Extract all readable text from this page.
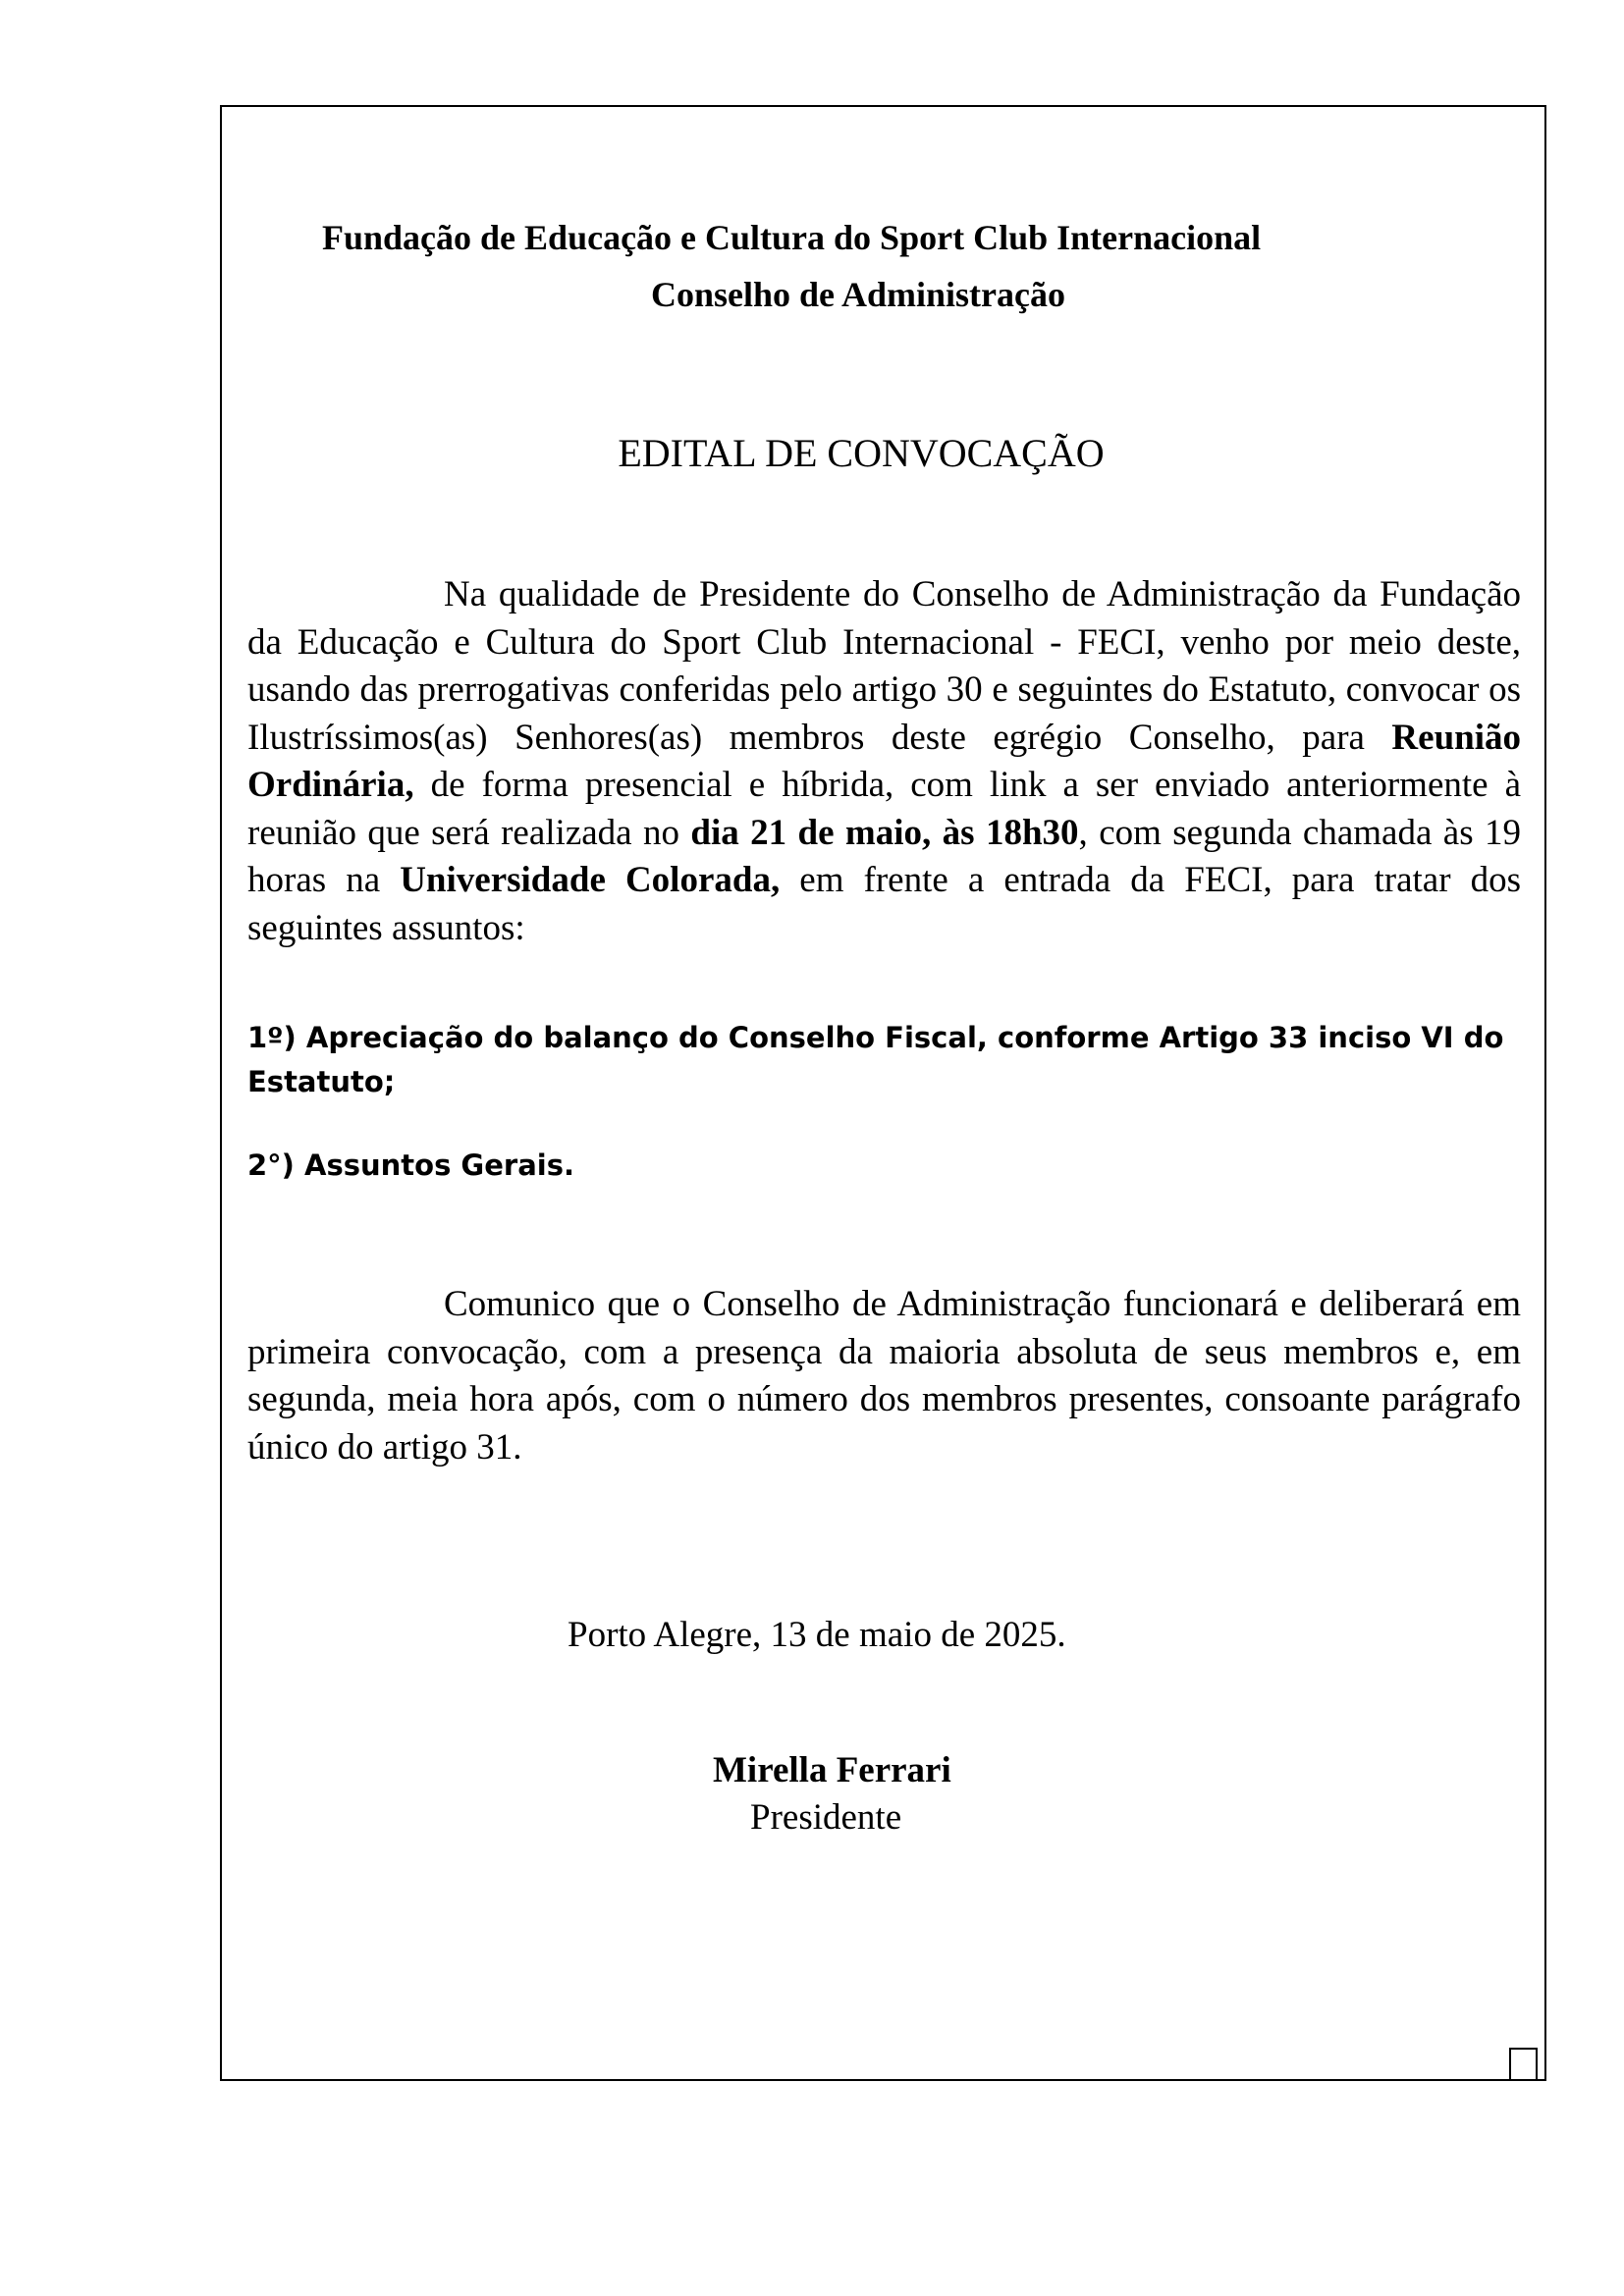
Fundação de Educação e Cultura do Sport Club Internacional
Conselho de Administração
EDITAL DE CONVOCAÇÃO
Na qualidade de Presidente do Conselho de Administração da Fundação da Educação e Cultura do Sport Club Internacional - FECI, venho por meio deste, usando das prerrogativas conferidas pelo artigo 30 e seguintes do Estatuto, convocar os Ilustríssimos(as) Senhores(as) membros deste egrégio Conselho, para Reunião Ordinária, de forma presencial e híbrida, com link a ser enviado anteriormente à reunião que será realizada no dia 21 de maio, às 18h30, com segunda chamada às 19 horas na Universidade Colorada, em frente a entrada da FECI, para tratar dos seguintes assuntos:
1º) Apreciação do balanço do Conselho Fiscal, conforme Artigo 33 inciso VI do Estatuto;
2°) Assuntos Gerais.
Comunico que o Conselho de Administração funcionará e deliberará em primeira convocação, com a presença da maioria absoluta de seus membros e, em segunda, meia hora após, com o número dos membros presentes, consoante parágrafo único do artigo 31.
Porto Alegre, 13 de maio de 2025.
Mirella Ferrari
Presidente
